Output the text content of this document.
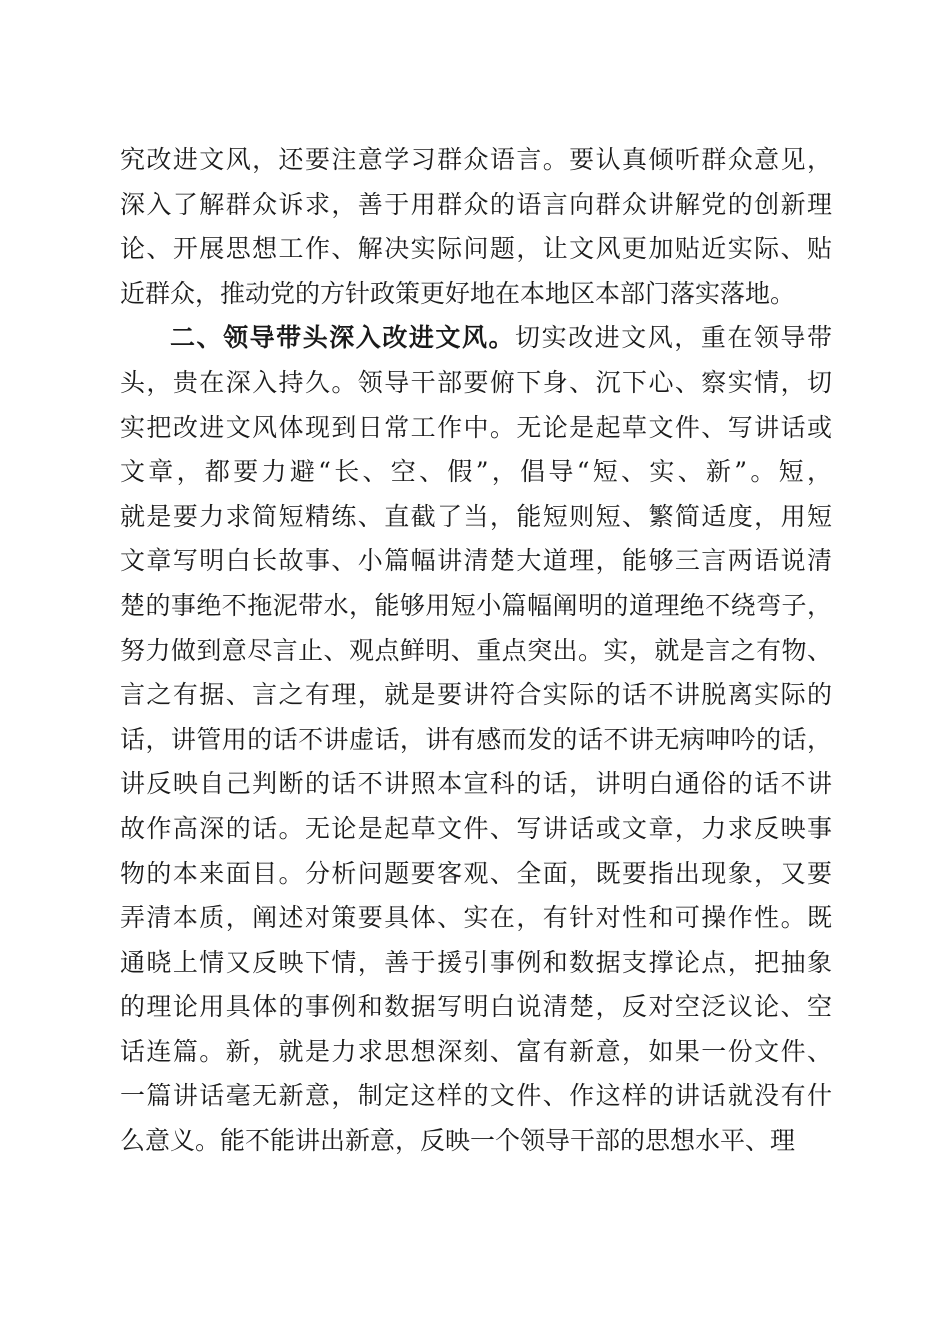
究改进文风，还要注意学习群众语言。要认真倾听群众意见，
深入了解群众诉求，善于用群众的语言向群众讲解党的创新理
论、开展思想工作、解决实际问题，让文风更加贴近实际、贴
近群众，推动党的方针政策更好地在本地区本部门落实落地。
二、领导带头深入改进文风。切实改进文风，重在领导带
头，贵在深入持久。领导干部要俯下身、沉下心、察实情，切
实把改进文风体现到日常工作中。无论是起草文件、写讲话或
文章，都要力避“长、空、假”，倡导“短、实、新”。短，
就是要力求简短精练、直截了当，能短则短、繁简适度，用短
文章写明白长故事、小篇幅讲清楚大道理，能够三言两语说清
楚的事绝不拖泥带水，能够用短小篇幅阐明的道理绝不绕弯子，
努力做到意尽言止、观点鲜明、重点突出。实，就是言之有物、
言之有据、言之有理，就是要讲符合实际的话不讲脱离实际的
话，讲管用的话不讲虚话，讲有感而发的话不讲无病呻吟的话，
讲反映自己判断的话不讲照本宣科的话，讲明白通俗的话不讲
故作高深的话。无论是起草文件、写讲话或文章，力求反映事
物的本来面目。分析问题要客观、全面，既要指出现象，又要
弄清本质，阐述对策要具体、实在，有针对性和可操作性。既
通晓上情又反映下情，善于援引事例和数据支撑论点，把抽象
的理论用具体的事例和数据写明白说清楚，反对空泛议论、空
话连篇。新，就是力求思想深刻、富有新意，如果一份文件、
一篇讲话毫无新意，制定这样的文件、作这样的讲话就没有什
么意义。能不能讲出新意，反映一个领导干部的思想水平、理
